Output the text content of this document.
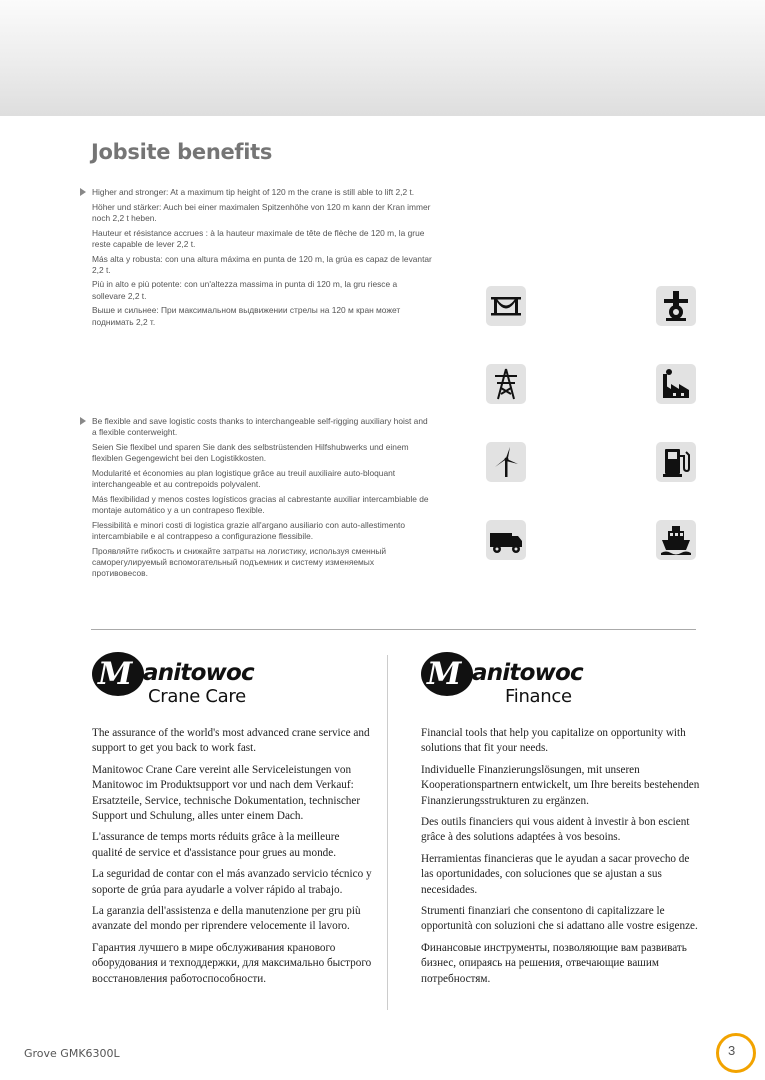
Jobsite benefits

Higher and stronger: At a maximum tip height of 120 m the crane is still able to lift 2,2 t.

Höher und stärker: Auch bei einer maximalen Spitzenhöhe von 120 m kann der Kran immer noch 2,2 t heben.

Hauteur et résistance accrues : à la hauteur maximale de tête de flèche de 120 m, la grue reste capable de lever 2,2 t.

Más alta y robusta: con una altura máxima en punta de 120 m, la grúa es capaz de levantar 2,2 t.

Più in alto e più potente: con un'altezza massima in punta di 120 m, la gru riesce a sollevare 2,2 t.

Выше и сильнее: При максимальном выдвижении стрелы на 120 м кран может поднимать 2,2 т.

Be flexible and save logistic costs thanks to interchangeable self-rigging auxiliary hoist and a flexible conterweight.

Seien Sie flexibel und sparen Sie dank des selbstrüstenden Hilfshubwerks und einem flexiblen Gegengewicht bei den Logistikkosten.

Modularité et économies au plan logistique grâce au treuil auxiliaire auto-bloquant interchangeable et au contrepoids polyvalent.

Más flexibilidad y menos costes logísticos gracias al cabrestante auxiliar intercambiable de montaje automático y a un contrapeso flexible.

Flessibilità e minori costi di logistica grazie all'argano ausiliario con auto-allestimento intercambiabile e al contrappeso a configurazione flessibile.

Проявляйте гибкость и снижайте затраты на логистику, используя сменный саморегулируемый вспомогательный подъемник и систему изменяемых противовесов.

M anitowoc
Crane Care
M anitowoc
Finance

The assurance of the world's most advanced crane service and support to get you back to work fast.

Manitowoc Crane Care vereint alle Serviceleistungen von Manitowoc im Produktsupport vor und nach dem Verkauf: Ersatzteile, Service, technische Dokumentation, technischer Support und Schulung, alles unter einem Dach.

L'assurance de temps morts réduits grâce à la meilleure qualité de service et d'assistance pour grues au monde.

La seguridad de contar con el más avanzado servicio técnico y soporte de grúa para ayudarle a volver rápido al trabajo.

La garanzia dell'assistenza e della manutenzione per gru più avanzate del mondo per riprendere velocemente il lavoro.

Гарантия лучшего в мире обслуживания кранового оборудования и техподдержки, для максимально быстрого восстановления работоспособности.

Financial tools that help you capitalize on opportunity with solutions that fit your needs.

Individuelle Finanzierungslösungen, mit unseren Kooperationspartnern entwickelt, um Ihre bereits bestehenden Finanzierungsstrukturen zu ergänzen.

Des outils financiers qui vous aident à investir à bon escient grâce à des solutions adaptées à vos besoins.

Herramientas financieras que le ayudan a sacar provecho de las oportunidades, con soluciones que se ajustan a sus necesidades.

Strumenti finanziari che consentono di capitalizzare le opportunità con soluzioni che si adattano alle vostre esigenze.

Финансовые инструменты, позволяющие вам развивать бизнес, опираясь на решения, отвечающие вашим потребностям.

Grove GMK6300L	3
